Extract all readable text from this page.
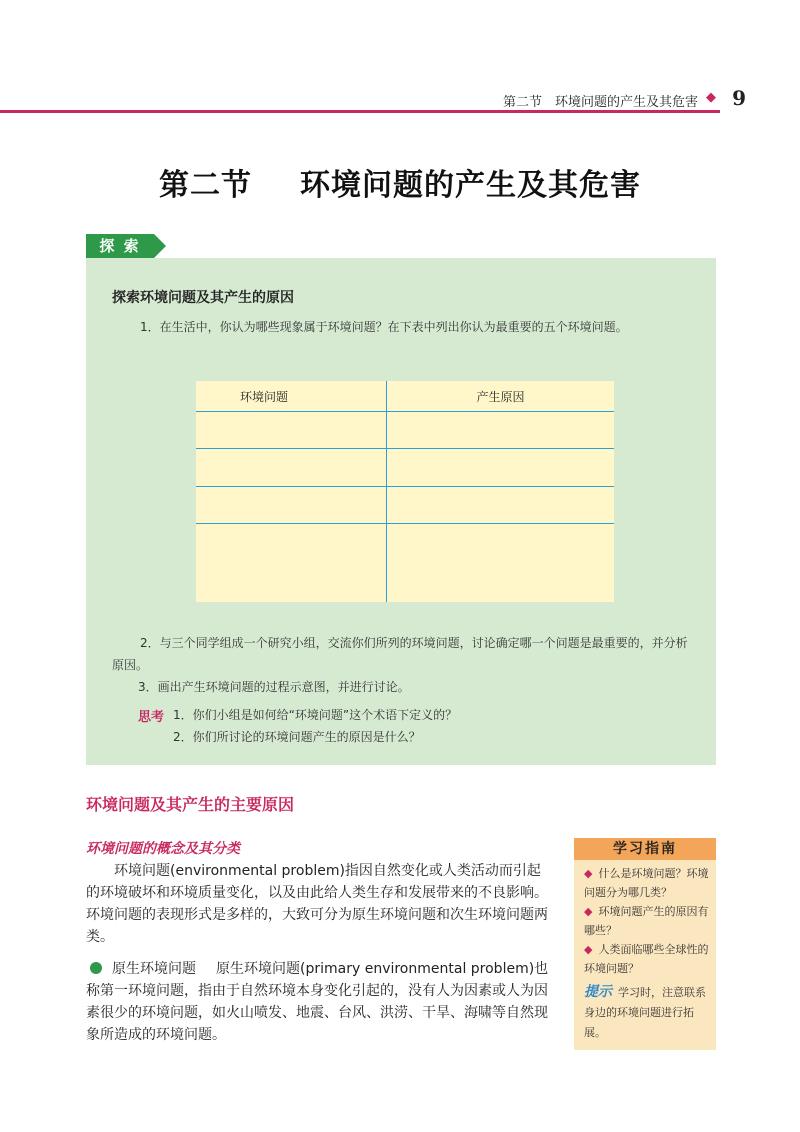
第二节　环境问题的产生及其危害 ◆ 9
第二节 环境问题的产生及其危害
探 索
探索环境问题及其产生的原因
1．在生活中，你认为哪些现象属于环境问题？在下表中列出你认为最重要的五个环境问题。
环境问题	产生原因

2．与三个同学组成一个研究小组，交流你们所列的环境问题，讨论确定哪一个问题是最重要的，并分析原因。
3．画出产生环境问题的过程示意图，并进行讨论。
思考 1．你们小组是如何给“环境问题”这个术语下定义的？
2．你们所讨论的环境问题产生的原因是什么？
环境问题及其产生的主要原因
环境问题的概念及其分类
环境问题(environmental problem)指因自然变化或人类活动而引起的环境破坏和环境质量变化，以及由此给人类生存和发展带来的不良影响。环境问题的表现形式是多样的，大致可分为原生环境问题和次生环境问题两类。
原生环境问题 原生环境问题(primary environmental problem)也称第一环境问题，指由于自然环境本身变化引起的，没有人为因素或人为因素很少的环境问题，如火山喷发、地震、台风、洪涝、干旱、海啸等自然现象所造成的环境问题。
学习指南
◆ 什么是环境问题？环境问题分为哪几类？
◆ 环境问题产生的原因有哪些？
◆ 人类面临哪些全球性的环境问题？
提示 学习时，注意联系身边的环境问题进行拓展。
